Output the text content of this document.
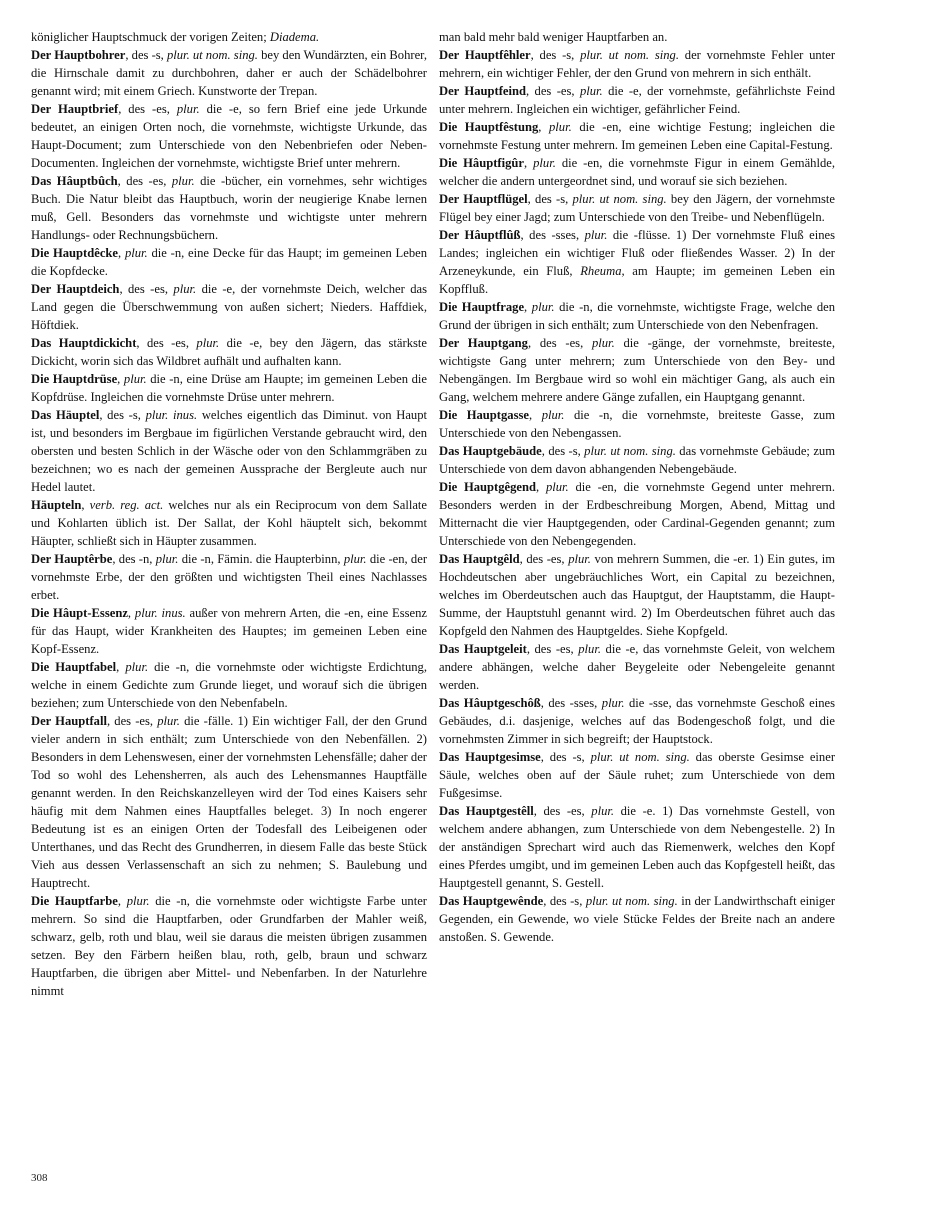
königlicher Hauptschmuck der vorigen Zeiten; Diadema.

Der Hauptbohrer, des -s, plur. ut nom. sing. bey den Wundärzten, ein Bohrer, die Hirnschale damit zu durchbohren, daher er auch der Schädelbohrer genannt wird; mit einem Griech. Kunstworte der Trepan.

Der Hauptbrief, des -es, plur. die -e, so fern Brief eine jede Urkunde bedeutet, an einigen Orten noch, die vornehmste, wichtigste Urkunde, das Haupt-Document; zum Unterschiede von den Nebenbriefen oder Neben-Documenten. Ingleichen der vornehmste, wichtigste Brief unter mehrern.

Das Hâuptbûch, des -es, plur. die -bücher, ein vornehmes, sehr wichtiges Buch. Die Natur bleibt das Hauptbuch, worin der neugierige Knabe lernen muß, Gell. Besonders das vornehmste und wichtigste unter mehrern Handlungs- oder Rechnungsbüchern.

Die Hauptdêcke, plur. die -n, eine Decke für das Haupt; im gemeinen Leben die Kopfdecke.

Der Hauptdeich, des -es, plur. die -e, der vornehmste Deich, welcher das Land gegen die Überschwemmung von außen sichert; Nieders. Haffdiek, Höftdiek.

Das Hauptdickicht, des -es, plur. die -e, bey den Jägern, das stärkste Dickicht, worin sich das Wildbret aufhält und aufhalten kann.

Die Hauptdrüse, plur. die -n, eine Drüse am Haupte; im gemeinen Leben die Kopfdrüse. Ingleichen die vornehmste Drüse unter mehrern.

Das Häuptel, des -s, plur. inus. welches eigentlich das Diminut. von Haupt ist, und besonders im Bergbaue im figürlichen Verstande gebraucht wird, den obersten und besten Schlich in der Wäsche oder von den Schlammgräben zu bezeichnen; wo es nach der gemeinen Aussprache der Bergleute auch nur Hedel lautet.

Häupteln, verb. reg. act. welches nur als ein Reciprocum von dem Sallate und Kohlarten üblich ist. Der Sallat, der Kohl häuptelt sich, bekommt Häupter, schließt sich in Häupter zusammen.

Der Hauptêrbe, des -n, plur. die -n, Fämin. die Haupterbinn, plur. die -en, der vornehmste Erbe, der den größten und wichtigsten Theil eines Nachlasses erbet.

Die Hâupt-Essenz, plur. inus. außer von mehrern Arten, die -en, eine Essenz für das Haupt, wider Krankheiten des Hauptes; im gemeinen Leben eine Kopf-Essenz.

Die Hauptfabel, plur. die -n, die vornehmste oder wichtigste Erdichtung, welche in einem Gedichte zum Grunde lieget, und worauf sich die übrigen beziehen; zum Unterschiede von den Nebenfabeln.

Der Hauptfall, des -es, plur. die -fälle. 1) Ein wichtiger Fall, der den Grund vieler andern in sich enthält; zum Unterschiede von den Nebenfällen. 2) Besonders in dem Lehenswesen, einer der vornehmsten Lehensfälle; daher der Tod so wohl des Lehensherren, als auch des Lehensmannes Hauptfälle genannt werden. In den Reichskanzelleyen wird der Tod eines Kaisers sehr häufig mit dem Nahmen eines Hauptfalles beleget. 3) In noch engerer Bedeutung ist es an einigen Orten der Todesfall des Leibeigenen oder Unterthanes, und das Recht des Grundherren, in diesem Falle das beste Stück Vieh aus dessen Verlassenschaft an sich zu nehmen; S. Baulebung und Hauptrecht.

Die Hauptfarbe, plur. die -n, die vornehmste oder wichtigste Farbe unter mehrern. So sind die Hauptfarben, oder Grundfarben der Mahler weiß, schwarz, gelb, roth und blau, weil sie daraus die meisten übrigen zusammen setzen. Bey den Färbern heißen blau, roth, gelb, braun und schwarz Hauptfarben, die übrigen aber Mittel- und Nebenfarben. In der Naturlehre nimmt

man bald mehr bald weniger Hauptfarben an.

Der Hauptfêhler, des -s, plur. ut nom. sing. der vornehmste Fehler unter mehrern, ein wichtiger Fehler, der den Grund von mehrern in sich enthält.

Der Hauptfeind, des -es, plur. die -e, der vornehmste, gefährlichste Feind unter mehrern. Ingleichen ein wichtiger, gefährlicher Feind.

Die Hauptfêstung, plur. die -en, eine wichtige Festung; ingleichen die vornehmste Festung unter mehrern. Im gemeinen Leben eine Capital-Festung.

Die Hâuptfigûr, plur. die -en, die vornehmste Figur in einem Gemählde, welcher die andern untergeordnet sind, und worauf sie sich beziehen.

Der Hauptflügel, des -s, plur. ut nom. sing. bey den Jägern, der vornehmste Flügel bey einer Jagd; zum Unterschiede von den Treibe- und Nebenflügeln.

Der Hâuptflûß, des -sses, plur. die -flüsse. 1) Der vornehmste Fluß eines Landes; ingleichen ein wichtiger Fluß oder fließendes Wasser. 2) In der Arzeneykunde, ein Fluß, Rheuma, am Haupte; im gemeinen Leben ein Kopffluß.

Die Hauptfrage, plur. die -n, die vornehmste, wichtigste Frage, welche den Grund der übrigen in sich enthält; zum Unterschiede von den Nebenfragen.

Der Hauptgang, des -es, plur. die -gänge, der vornehmste, breiteste, wichtigste Gang unter mehrern; zum Unterschiede von den Bey- und Nebengängen. Im Bergbaue wird so wohl ein mächtiger Gang, als auch ein Gang, welchem mehrere andere Gänge zufallen, ein Hauptgang genannt.

Die Hauptgasse, plur. die -n, die vornehmste, breiteste Gasse, zum Unterschiede von den Nebengassen.

Das Hauptgebäude, des -s, plur. ut nom. sing. das vornehmste Gebäude; zum Unterschiede von dem davon abhangenden Nebengebäude.

Die Hauptgêgend, plur. die -en, die vornehmste Gegend unter mehrern. Besonders werden in der Erdbeschreibung Morgen, Abend, Mittag und Mitternacht die vier Hauptgegenden, oder Cardinal-Gegenden genannt; zum Unterschiede von den Nebengegenden.

Das Hauptgêld, des -es, plur. von mehrern Summen, die -er. 1) Ein gutes, im Hochdeutschen aber ungebräuchliches Wort, ein Capital zu bezeichnen, welches im Oberdeutschen auch das Hauptgut, der Hauptstamm, die Haupt-Summe, der Hauptstuhl genannt wird. 2) Im Oberdeutschen führet auch das Kopfgeld den Nahmen des Hauptgeldes. Siehe Kopfgeld.

Das Hauptgeleit, des -es, plur. die -e, das vornehmste Geleit, von welchem andere abhängen, welche daher Beygeleite oder Nebengeleite genannt werden.

Das Hâuptgeschôß, des -sses, plur. die -sse, das vornehmste Geschoß eines Gebäudes, d.i. dasjenige, welches auf das Bodengeschoß folgt, und die vornehmsten Zimmer in sich begreift; der Hauptstock.

Das Hauptgesimse, des -s, plur. ut nom. sing. das oberste Gesimse einer Säule, welches oben auf der Säule ruhet; zum Unterschiede von dem Fußgesimse.

Das Hauptgestêll, des -es, plur. die -e. 1) Das vornehmste Gestell, von welchem andere abhangen, zum Unterschiede von dem Nebengestelle. 2) In der anständigen Sprechart wird auch das Riemenwerk, welches den Kopf eines Pferdes umgibt, und im gemeinen Leben auch das Kopfgestell heißt, das Hauptgestell genannt, S. Gestell.

Das Hauptgewênde, des -s, plur. ut nom. sing. in der Landwirthschaft einiger Gegenden, ein Gewende, wo viele Stücke Feldes der Breite nach an andere anstoßen. S. Gewende.

308
